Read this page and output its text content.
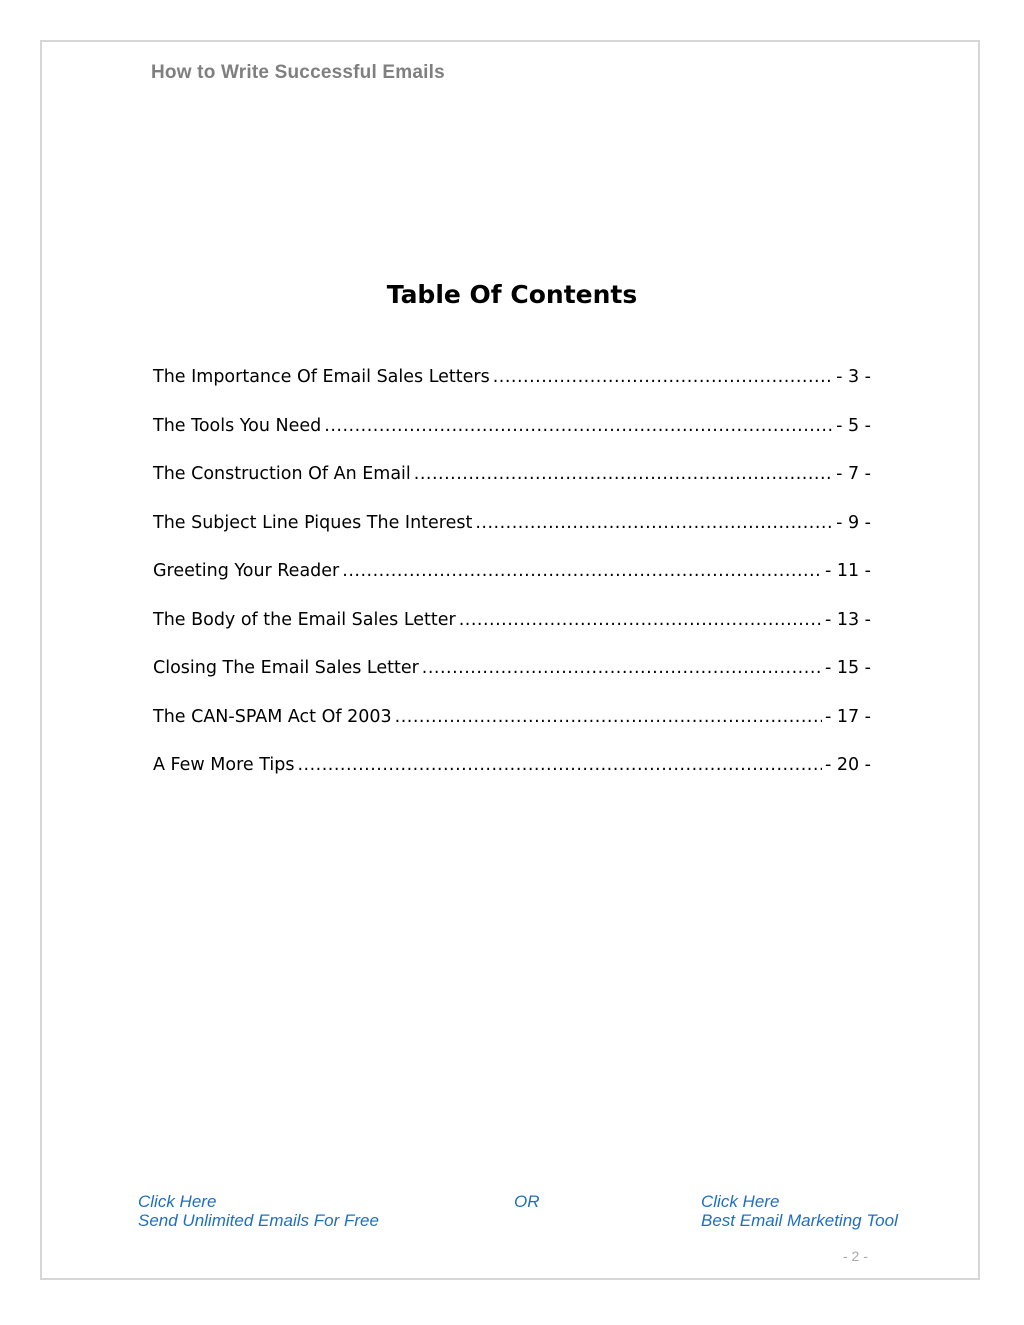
How to Write Successful Emails
Table Of Contents
The Importance Of Email Sales Letters .....	- 3 -
The Tools You Need .....	- 5 -
The Construction Of An Email .....	- 7 -
The Subject Line Piques The Interest .....	- 9 -
Greeting Your Reader .....	- 11 -
The Body of the Email Sales Letter .....	- 13 -
Closing The Email Sales Letter .....	- 15 -
The CAN-SPAM Act Of 2003 .....	- 17 -
A Few More Tips .....	- 20 -
Click Here
Send Unlimited Emails For Free
OR	Click Here
Best Email Marketing Tool
- 2 -
